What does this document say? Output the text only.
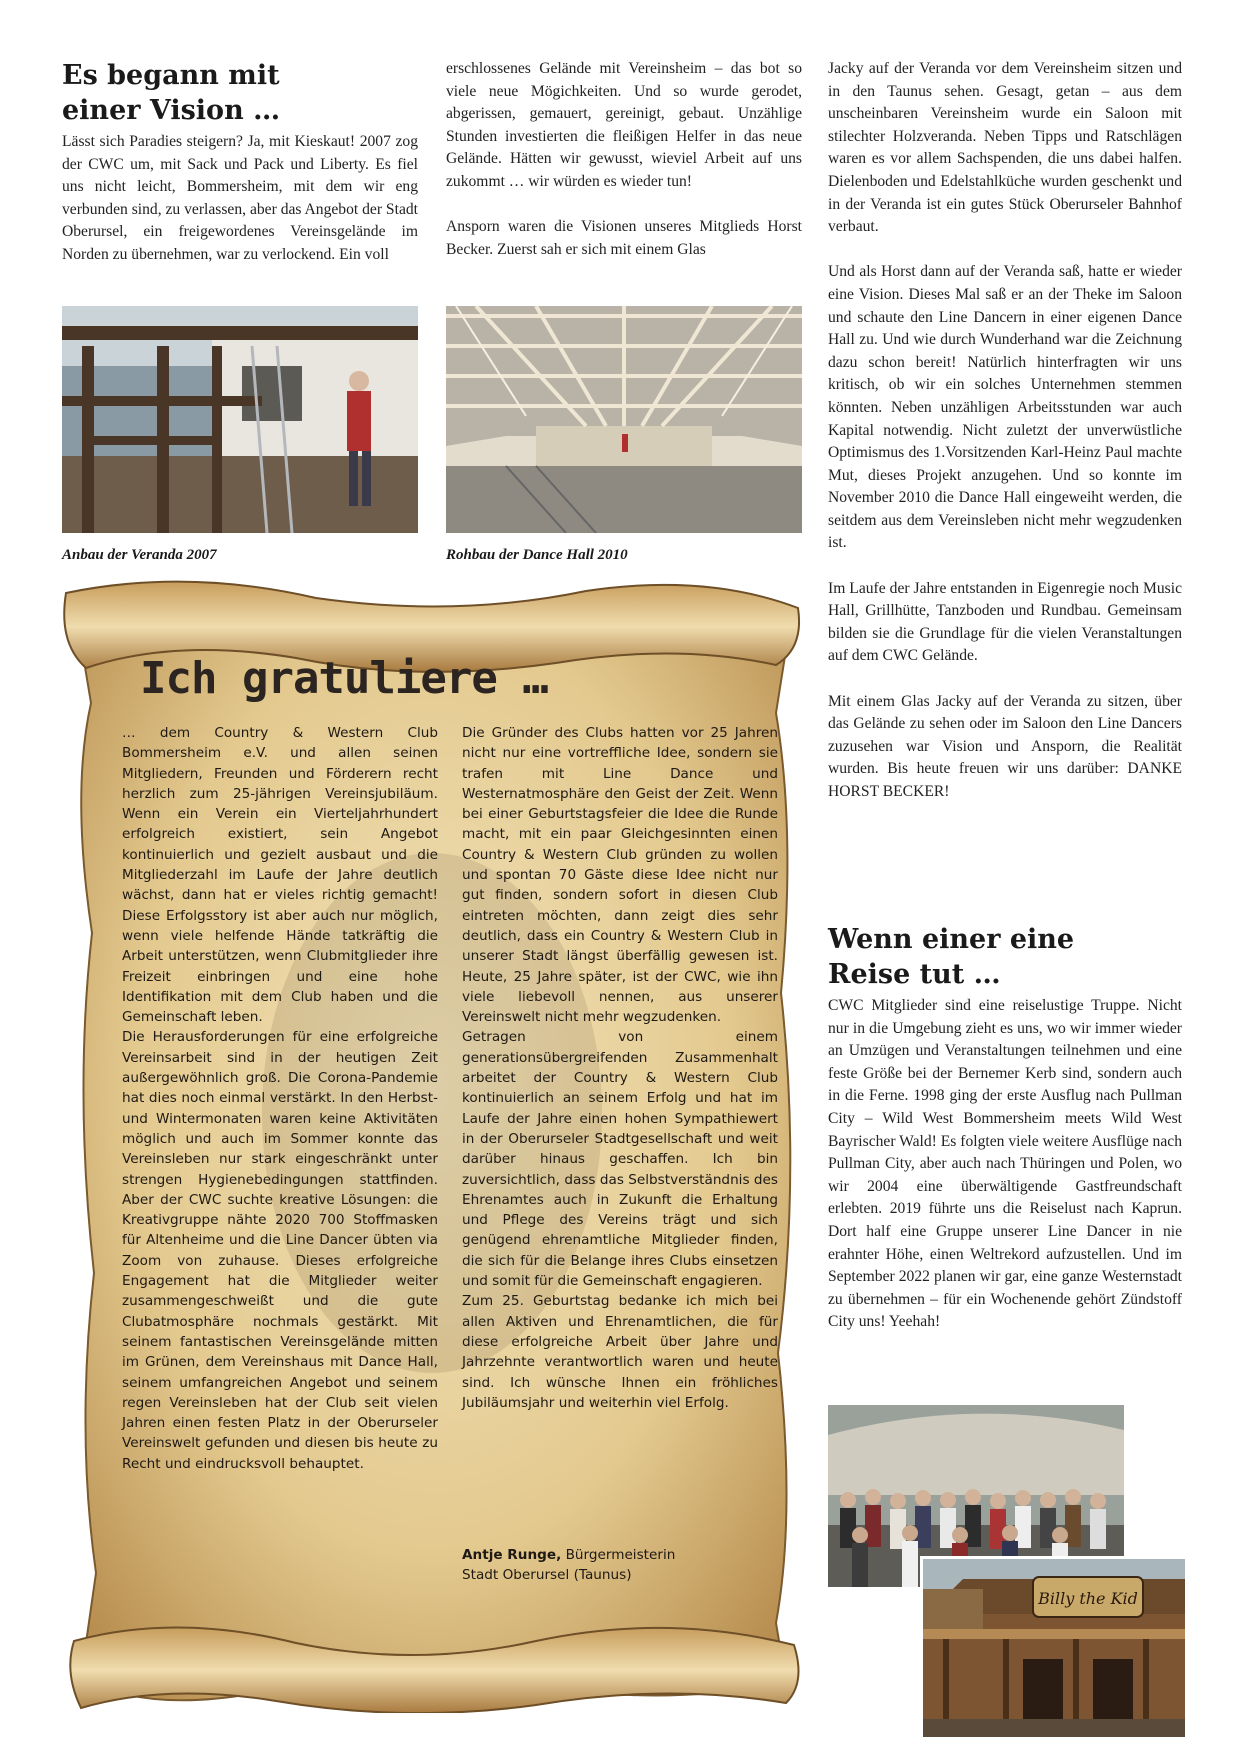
Es begann mit
einer Vision …

Lässt sich Paradies steigern? Ja, mit Kieskaut! 2007 zog der CWC um, mit Sack und Pack und Liberty. Es fiel uns nicht leicht, Bommersheim, mit dem wir eng verbunden sind, zu verlassen, aber das Angebot der Stadt Oberursel, ein freigewordenes Vereinsgelände im Norden zu übernehmen, war zu verlockend. Ein voll

erschlossenes Gelände mit Vereinsheim – das bot so viele neue Mögichkeiten. Und so wurde gerodet, abgerissen, gemauert, gereinigt, gebaut. Unzählige Stunden investierten die fleißigen Helfer in das neue Gelände. Hätten wir gewusst, wieviel Arbeit auf uns zukommt … wir würden es wieder tun!

Ansporn waren die Visionen unseres Mitglieds Horst Becker. Zuerst sah er sich mit einem Glas

Jacky auf der Veranda vor dem Vereinsheim sitzen und in den Taunus sehen. Gesagt, getan – aus dem unscheinbaren Vereinsheim wurde ein Saloon mit stilechter Holzveranda. Neben Tipps und Ratschlägen waren es vor allem Sachspenden, die uns dabei halfen. Dielenboden und Edelstahlküche wurden geschenkt und in der Veranda ist ein gutes Stück Oberurseler Bahnhof verbaut.

Und als Horst dann auf der Veranda saß, hatte er wieder eine Vision. Dieses Mal saß er an der Theke im Saloon und schaute den Line Dancern in einer eigenen Dance Hall zu. Und wie durch Wunderhand war die Zeichnung dazu schon bereit! Natürlich hinterfragten wir uns kritisch, ob wir ein solches Unternehmen stemmen könnten. Neben unzähligen Arbeitsstunden war auch Kapital notwendig. Nicht zuletzt der unverwüstliche Optimismus des 1.Vorsitzenden Karl-Heinz Paul machte Mut, dieses Projekt anzugehen. Und so konnte im November 2010 die Dance Hall eingeweiht werden, die seitdem aus dem Vereinsleben nicht mehr wegzudenken ist.

Im Laufe der Jahre entstanden in Eigenregie noch Music Hall, Grillhütte, Tanzboden und Rundbau. Gemeinsam bilden sie die Grundlage für die vielen Veranstaltungen auf dem CWC Gelände.

Mit einem Glas Jacky auf der Veranda zu sitzen, über das Gelände zu sehen oder im Saloon den Line Dancers zuzusehen war Vision und Ansporn, die Realität wurden. Bis heute freuen wir uns darüber: DANKE HORST BECKER!

Anbau der Veranda 2007	Rohbau der Dance Hall 2010
Ich gratuliere …
… dem Country & Western Club Bommersheim e.V. und allen seinen Mitgliedern, Freunden und Förderern recht herzlich zum 25-jährigen Vereinsjubiläum. Wenn ein Verein ein Vierteljahrhundert erfolgreich existiert, sein Angebot kontinuierlich und gezielt ausbaut und die Mitgliederzahl im Laufe der Jahre deutlich wächst, dann hat er vieles richtig gemacht! Diese Erfolgsstory ist aber auch nur möglich, wenn viele helfende Hände tatkräftig die Arbeit unterstützen, wenn Clubmitglieder ihre Freizeit einbringen und eine hohe Identifikation mit dem Club haben und die Gemeinschaft leben.
Die Herausforderungen für eine erfolgreiche Vereinsarbeit sind in der heutigen Zeit außergewöhnlich groß. Die Corona-Pandemie hat dies noch einmal verstärkt. In den Herbst- und Wintermonaten waren keine Aktivitäten möglich und auch im Sommer konnte das Vereinsleben nur stark eingeschränkt unter strengen Hygienebedingungen stattfinden. Aber der CWC suchte kreative Lösungen: die Kreativgruppe nähte 2020 700 Stoffmasken für Altenheime und die Line Dancer übten via Zoom von zuhause. Dieses erfolgreiche Engagement hat die Mitglieder weiter zusammengeschweißt und die gute Clubatmosphäre nochmals gestärkt. Mit seinem fantastischen Vereinsgelände mitten im Grünen, dem Vereinshaus mit Dance Hall, seinem umfangreichen Angebot und seinem regen Vereinsleben hat der Club seit vielen Jahren einen festen Platz in der Oberurseler Vereinswelt gefunden und diesen bis heute zu Recht und eindrucksvoll behauptet.
Die Gründer des Clubs hatten vor 25 Jahren nicht nur eine vortreffliche Idee, sondern sie trafen mit Line Dance und Westernatmosphäre den Geist der Zeit. Wenn bei einer Geburtstagsfeier die Idee die Runde macht, mit ein paar Gleichgesinnten einen Country & Western Club gründen zu wollen und spontan 70 Gäste diese Idee nicht nur gut finden, sondern sofort in diesen Club eintreten möchten, dann zeigt dies sehr deutlich, dass ein Country & Western Club in unserer Stadt längst überfällig gewesen ist. Heute, 25 Jahre später, ist der CWC, wie ihn viele liebevoll nennen, aus unserer Vereinswelt nicht mehr wegzudenken.
Getragen von einem generationsübergreifenden Zusammenhalt arbeitet der Country & Western Club kontinuierlich an seinem Erfolg und hat im Laufe der Jahre einen hohen Sympathiewert in der Oberurseler Stadtgesellschaft und weit darüber hinaus geschaffen. Ich bin zuversichtlich, dass das Selbstverständnis des Ehrenamtes auch in Zukunft die Erhaltung und Pflege des Vereins trägt und sich genügend ehrenamtliche Mitglieder finden, die sich für die Belange ihres Clubs einsetzen und somit für die Gemeinschaft engagieren.
Zum 25. Geburtstag bedanke ich mich bei allen Aktiven und Ehrenamtlichen, die für diese erfolgreiche Arbeit über Jahre und Jahrzehnte verantwortlich waren und heute sind. Ich wünsche Ihnen ein fröhliches Jubiläumsjahr und weiterhin viel Erfolg.
Antje Runge, Bürgermeisterin
Stadt Oberursel (Taunus)
Wenn einer eine
Reise tut …

CWC Mitglieder sind eine reiselustige Truppe. Nicht nur in die Umgebung zieht es uns, wo wir immer wieder an Umzügen und Veranstaltungen teilnehmen und eine feste Größe bei der Bernemer Kerb sind, sondern auch in die Ferne. 1998 ging der erste Ausflug nach Pullman City – Wild West Bommersheim meets Wild West Bayrischer Wald! Es folgten viele weitere Ausflüge nach Pullman City, aber auch nach Thüringen und Polen, wo wir 2004 eine überwältigende Gastfreundschaft erlebten. 2019 führte uns die Reiselust nach Kaprun. Dort half eine Gruppe unserer Line Dancer in nie erahnter Höhe, einen Weltrekord aufzustellen. Und im September 2022 planen wir gar, eine ganze Westernstadt zu übernehmen – für ein Wochenende gehört Zündstoff City uns! Yeehah!

Billy the Kid
